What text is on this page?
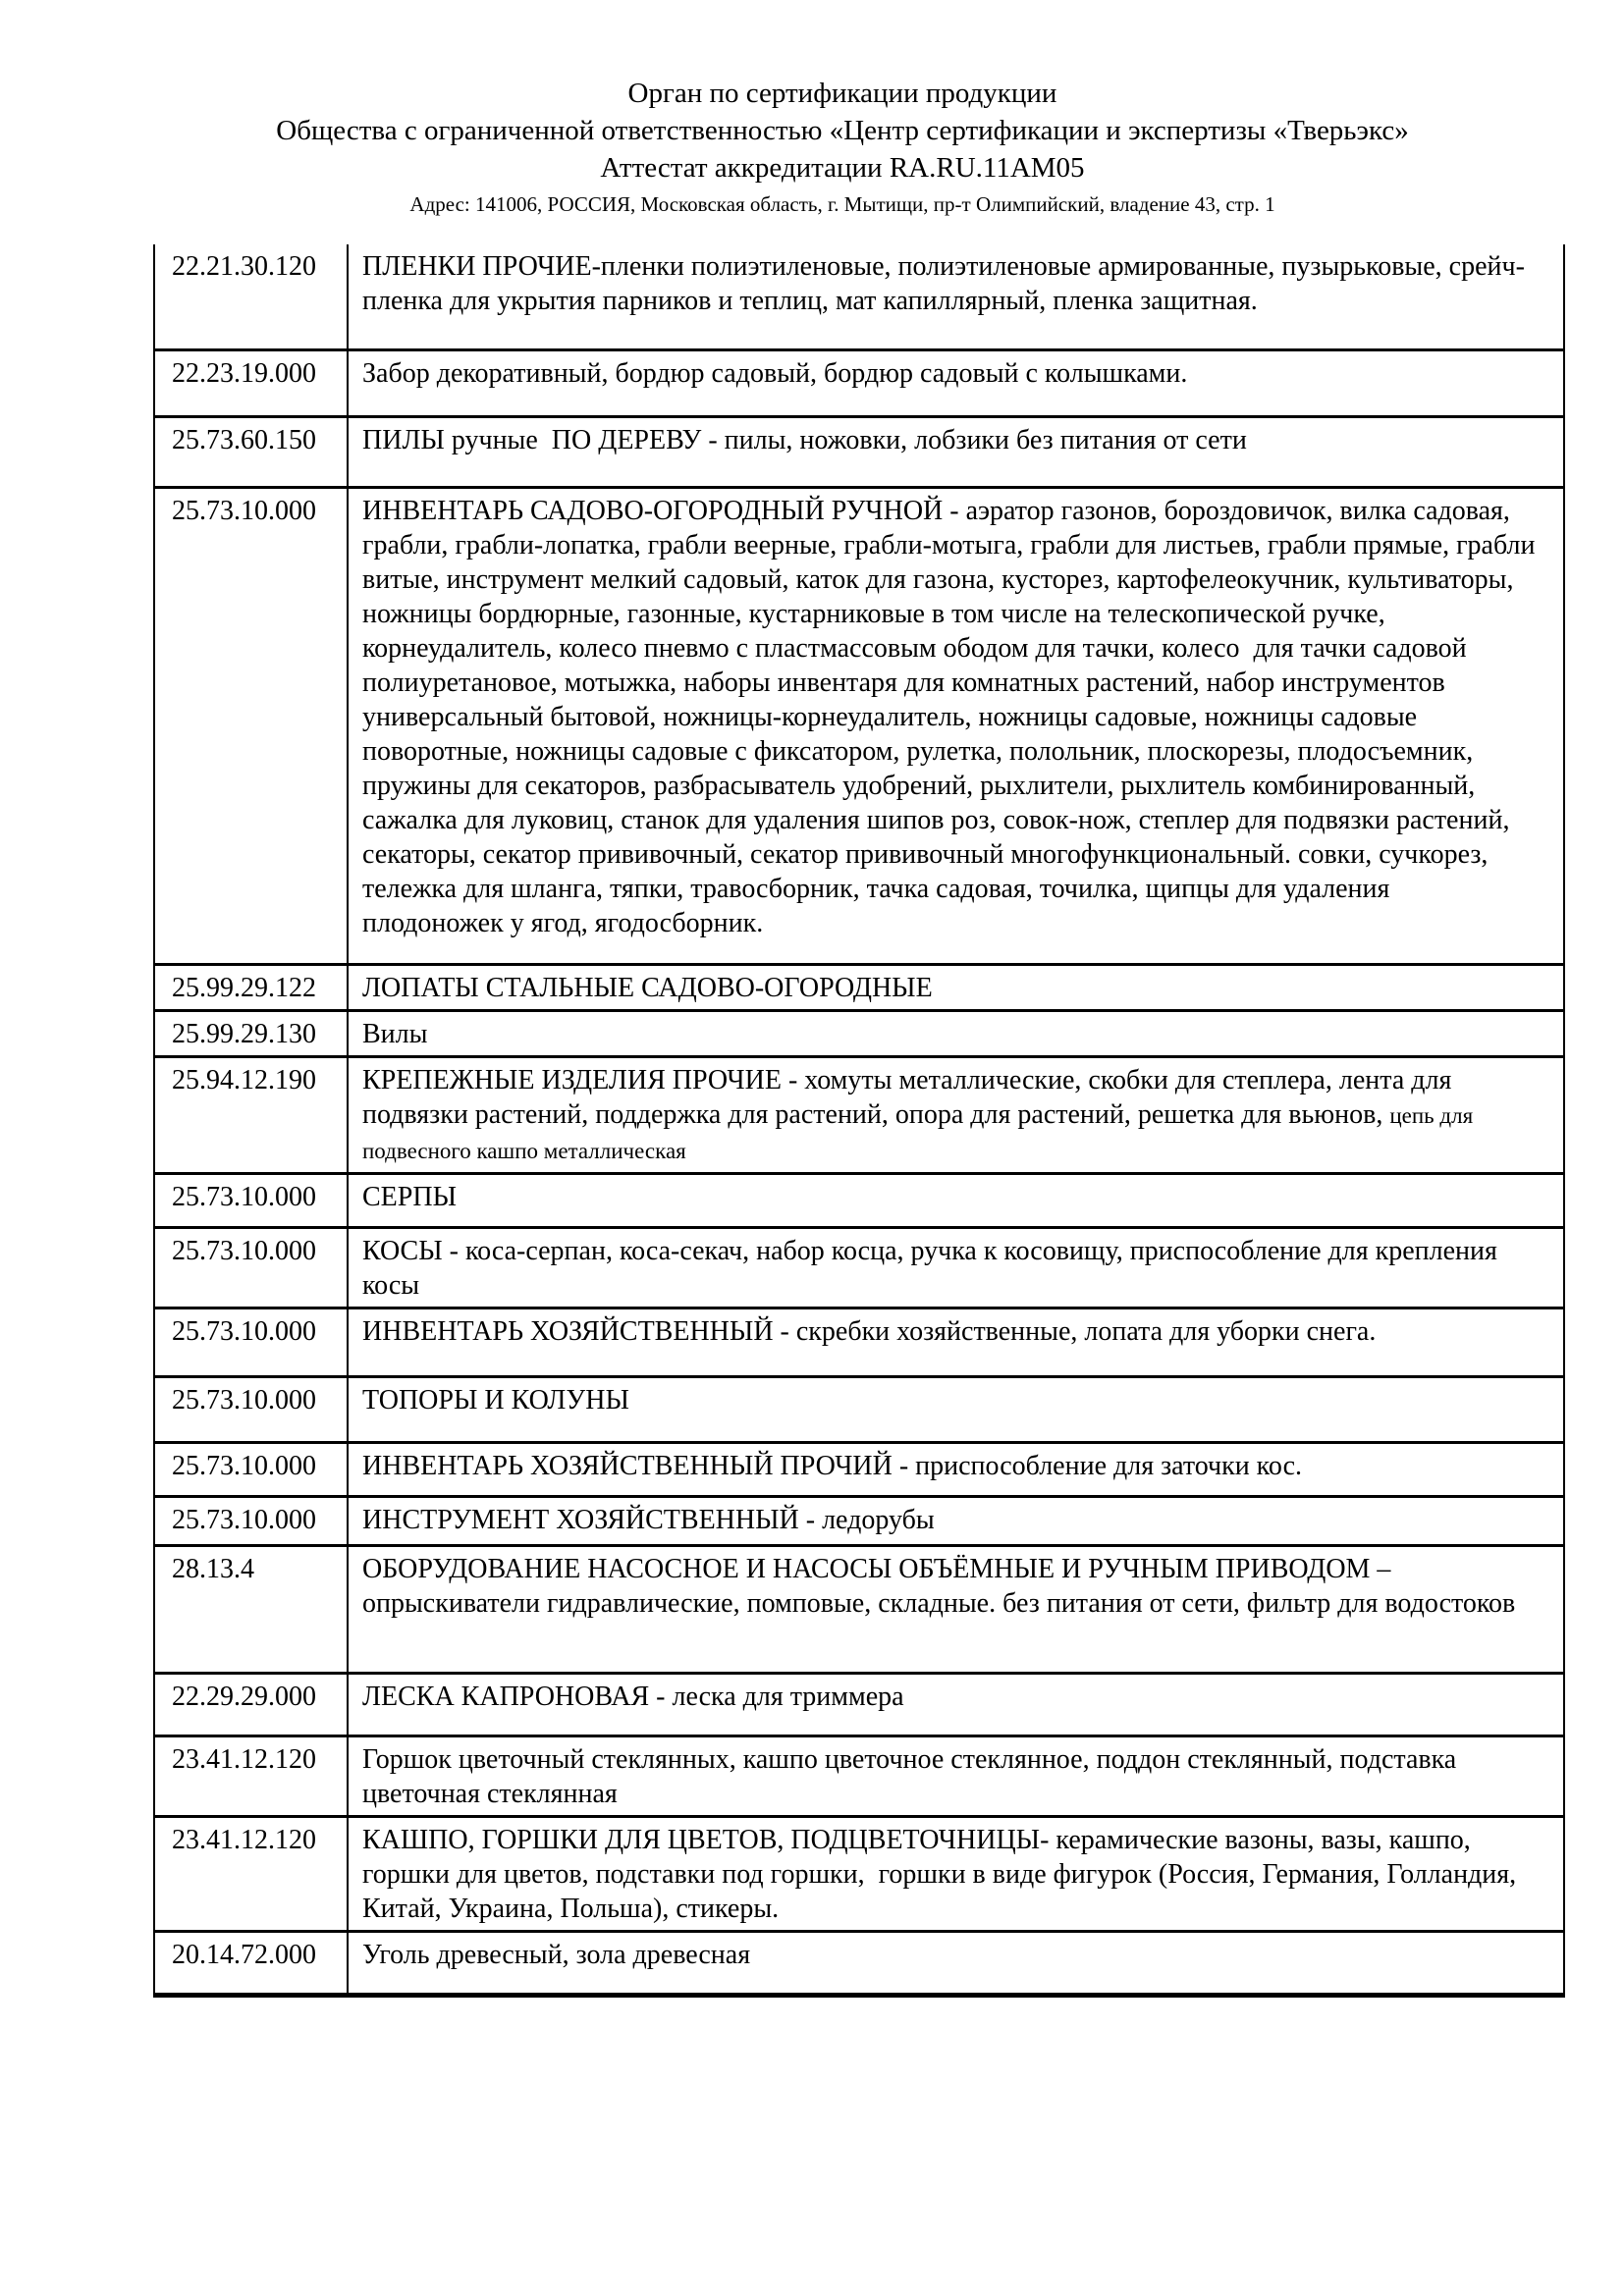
Орган по сертификации продукции
Общества с ограниченной ответственностью «Центр сертификации и экспертизы «Тверьэкс»
Аттестат аккредитации RA.RU.11AM05
Адрес: 141006, РОССИЯ, Московская область, г. Мытищи, пр-т Олимпийский, владение 43, стр. 1
22.21.30.120	ПЛЕНКИ ПРОЧИЕ-пленки полиэтиленовые, полиэтиленовые армированные, пузырьковые, срейч-пленка для укрытия парников и теплиц, мат капиллярный, пленка защитная.
22.23.19.000	Забор декоративный, бордюр садовый, бордюр садовый с колышками.
25.73.60.150	ПИЛЫ ручные  ПО ДЕРЕВУ - пилы, ножовки, лобзики без питания от сети
25.73.10.000	ИНВЕНТАРЬ САДОВО-ОГОРОДНЫЙ РУЧНОЙ - аэратор газонов, бороздовичок, вилка садовая, грабли, грабли-лопатка, грабли веерные, грабли-мотыга, грабли для листьев, грабли прямые, грабли витые, инструмент мелкий садовый, каток для газона, кусторез, картофелеокучник, культиваторы, ножницы бордюрные, газонные, кустарниковые в том числе на телескопической ручке, корнеудалитель, колесо пневмо с пластмассовым ободом для тачки, колесо  для тачки садовой полиуретановое, мотыжка, наборы инвентаря для комнатных растений, набор инструментов универсальный бытовой, ножницы-корнеудалитель, ножницы садовые, ножницы садовые поворотные, ножницы садовые с фиксатором, рулетка, полольник, плоскорезы, плодосъемник, пружины для секаторов, разбрасыватель удобрений, рыхлители, рыхлитель комбинированный, сажалка для луковиц, станок для удаления шипов роз, совок-нож, степлер для подвязки растений, секаторы, секатор прививочный, секатор прививочный многофункциональный. совки, сучкорез, тележка для шланга, тяпки, травосборник, тачка садовая, точилка, щипцы для удаления плодоножек у ягод, ягодосборник.
25.99.29.122	ЛОПАТЫ СТАЛЬНЫЕ САДОВО-ОГОРОДНЫЕ
25.99.29.130	Вилы
25.94.12.190	КРЕПЕЖНЫЕ ИЗДЕЛИЯ ПРОЧИЕ - хомуты металлические, скобки для степлера, лента для подвязки растений, поддержка для растений, опора для растений, решетка для вьюнов, цепь для подвесного кашпо металлическая
25.73.10.000	СЕРПЫ
25.73.10.000	КОСЫ - коса-серпан, коса-секач, набор косца, ручка к косовищу, приспособление для крепления косы
25.73.10.000	ИНВЕНТАРЬ ХОЗЯЙСТВЕННЫЙ - скребки хозяйственные, лопата для уборки снега.
25.73.10.000	ТОПОРЫ И КОЛУНЫ
25.73.10.000	ИНВЕНТАРЬ ХОЗЯЙСТВЕННЫЙ ПРОЧИЙ - приспособление для заточки кос.
25.73.10.000	ИНСТРУМЕНТ ХОЗЯЙСТВЕННЫЙ - ледорубы
28.13.4	ОБОРУДОВАНИЕ НАСОСНОЕ И НАСОСЫ ОБЪЁМНЫЕ И РУЧНЫМ ПРИВОДОМ – опрыскиватели гидравлические, помповые, складные. без питания от сети, фильтр для водостоков
22.29.29.000	ЛЕСКА КАПРОНОВАЯ - леска для триммера
23.41.12.120	Горшок цветочный стеклянных, кашпо цветочное стеклянное, поддон стеклянный, подставка цветочная стеклянная
23.41.12.120	КАШПО, ГОРШКИ ДЛЯ ЦВЕТОВ, ПОДЦВЕТОЧНИЦЫ- керамические вазоны, вазы, кашпо, горшки для цветов, подставки под горшки,  горшки в виде фигурок (Россия, Германия, Голландия, Китай, Украина, Польша), стикеры.
20.14.72.000	Уголь древесный, зола древесная
